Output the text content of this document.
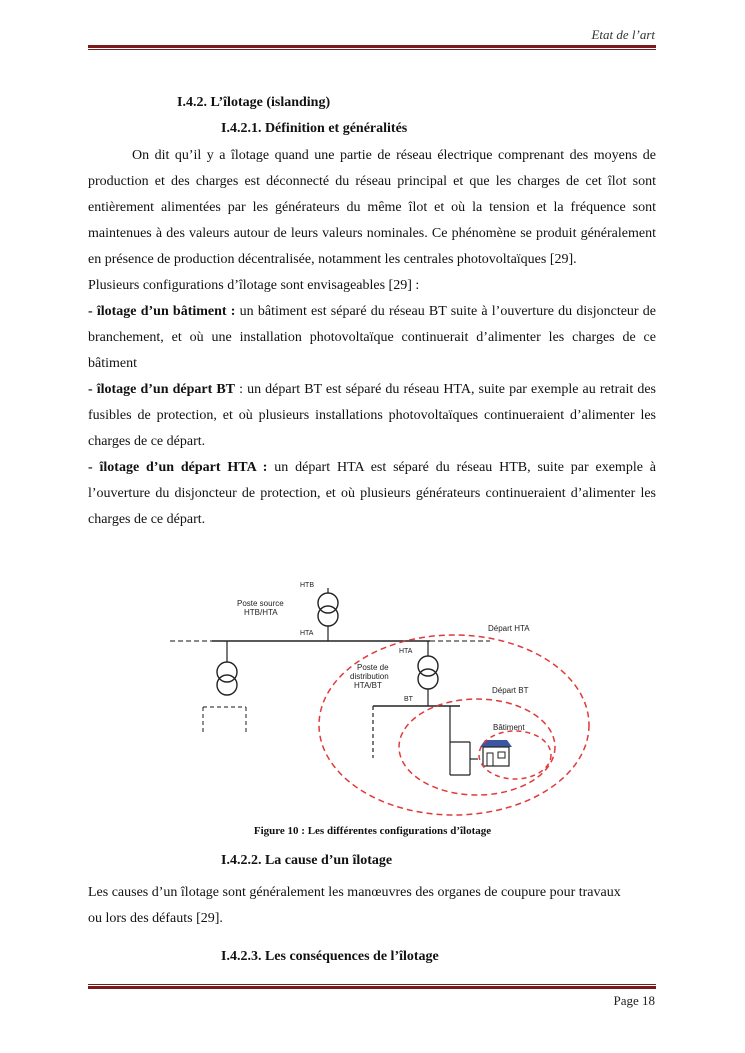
Etat de l’art
I.4.2. L’îlotage (islanding)
I.4.2.1. Définition et généralités

On dit qu’il y a îlotage quand une partie de réseau électrique comprenant des moyens de production et des charges est déconnecté du réseau principal et que les charges de cet îlot sont entièrement alimentées par les générateurs du même îlot et où la tension et la fréquence sont maintenues à des valeurs autour de leurs valeurs nominales. Ce phénomène se produit généralement en présence de production décentralisée, notamment les centrales photovoltaïques [29].

Plusieurs configurations d’îlotage sont envisageables [29] :

- îlotage d’un bâtiment : un bâtiment est séparé du réseau BT suite à l’ouverture du disjoncteur de branchement, et où une installation photovoltaïque continuerait d’alimenter les charges de ce bâtiment

- îlotage d’un départ BT : un départ BT est séparé du réseau HTA, suite par exemple au retrait des fusibles de protection, et où plusieurs installations photovoltaïques continueraient d’alimenter les charges de ce départ.

- îlotage d’un départ HTA : un départ HTA est séparé du réseau HTB, suite par exemple à l’ouverture du disjoncteur de protection, et où plusieurs générateurs continueraient d’alimenter les charges de ce départ.

HTB
Poste source
HTB/HTA
HTA
Départ HTA
HTA
Poste de
distribution
HTA/BT
BT
Départ BT
Bâtiment
Figure 10 : Les différentes configurations d’îlotage
I.4.2.2. La cause d’un îlotage
Les causes d’un îlotage sont généralement les manœuvres des organes de coupure pour travaux ou lors des défauts [29].
I.4.2.3. Les conséquences de l’îlotage
Page 18
